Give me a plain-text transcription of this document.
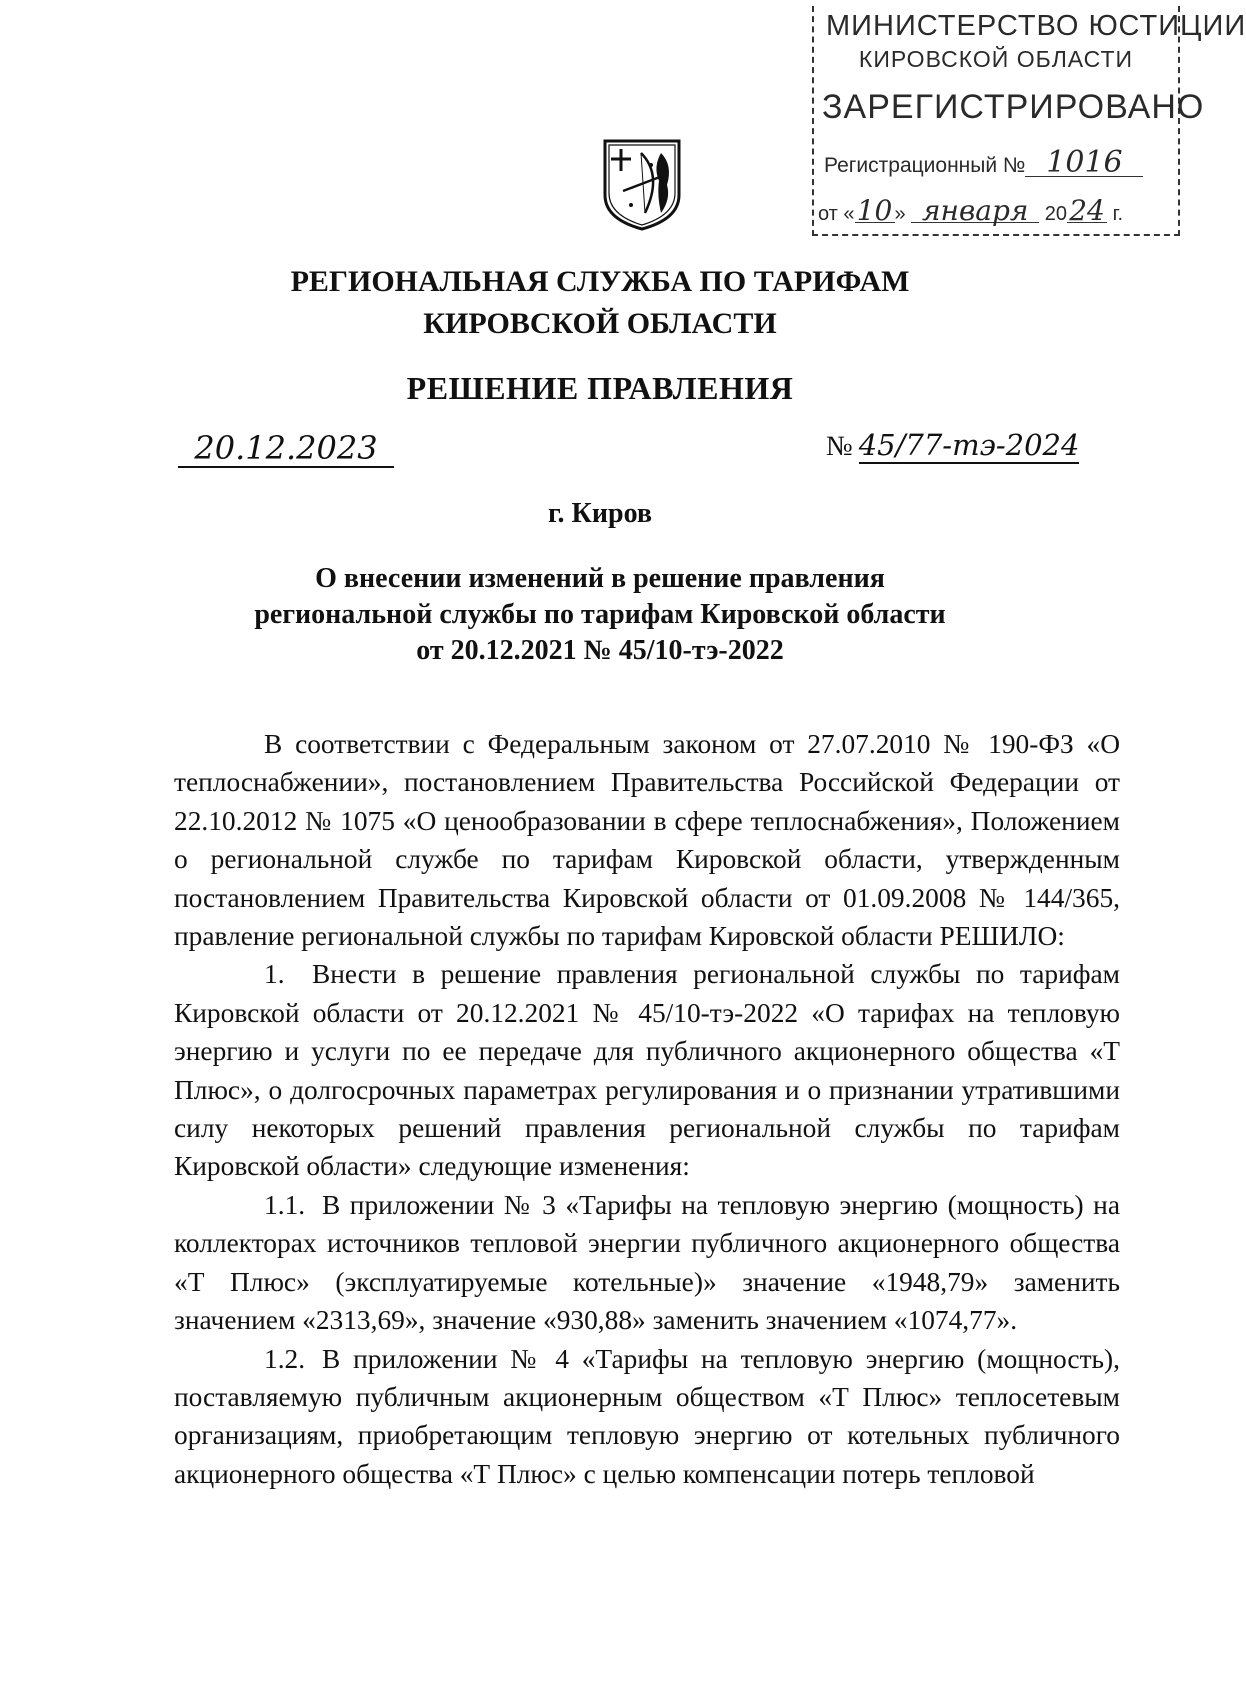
МИНИСТЕРСТВО ЮСТИЦИИ
КИРОВСКОЙ ОБЛАСТИ
ЗАРЕГИСТРИРОВАНО
Регистрационный № 1016
от «10 » января 2024 г.
РЕГИОНАЛЬНАЯ СЛУЖБА ПО ТАРИФАМ
КИРОВСКОЙ ОБЛАСТИ
РЕШЕНИЕ ПРАВЛЕНИЯ
20.12.2023	№ 45/77-тэ-2024
г. Киров
О внесении изменений в решение правления
региональной службы по тарифам Кировской области
от 20.12.2021 № 45/10-тэ-2022

В соответствии с Федеральным законом от 27.07.2010 № 190-ФЗ «О теплоснабжении», постановлением Правительства Российской Федерации от 22.10.2012 № 1075 «О ценообразовании в сфере теплоснабжения», Положением о региональной службе по тарифам Кировской области, утвержденным постановлением Правительства Кировской области от 01.09.2008 № 144/365, правление региональной службы по тарифам Кировской области РЕШИЛО:

1. Внести в решение правления региональной службы по тарифам Кировской области от 20.12.2021 № 45/10-тэ-2022 «О тарифах на тепловую энергию и услуги по ее передаче для публичного акционерного общества «Т Плюс», о долгосрочных параметрах регулирования и о признании утратившими силу некоторых решений правления региональной службы по тарифам Кировской области» следующие изменения:

1.1. В приложении № 3 «Тарифы на тепловую энергию (мощность) на коллекторах источников тепловой энергии публичного акционерного общества «Т Плюс» (эксплуатируемые котельные)» значение «1948,79» заменить значением «2313,69», значение «930,88» заменить значением «1074,77».

1.2. В приложении № 4 «Тарифы на тепловую энергию (мощность), поставляемую публичным акционерным обществом «Т Плюс» теплосетевым организациям, приобретающим тепловую энергию от котельных публичного акционерного общества «Т Плюс» с целью компенсации потерь тепловой
